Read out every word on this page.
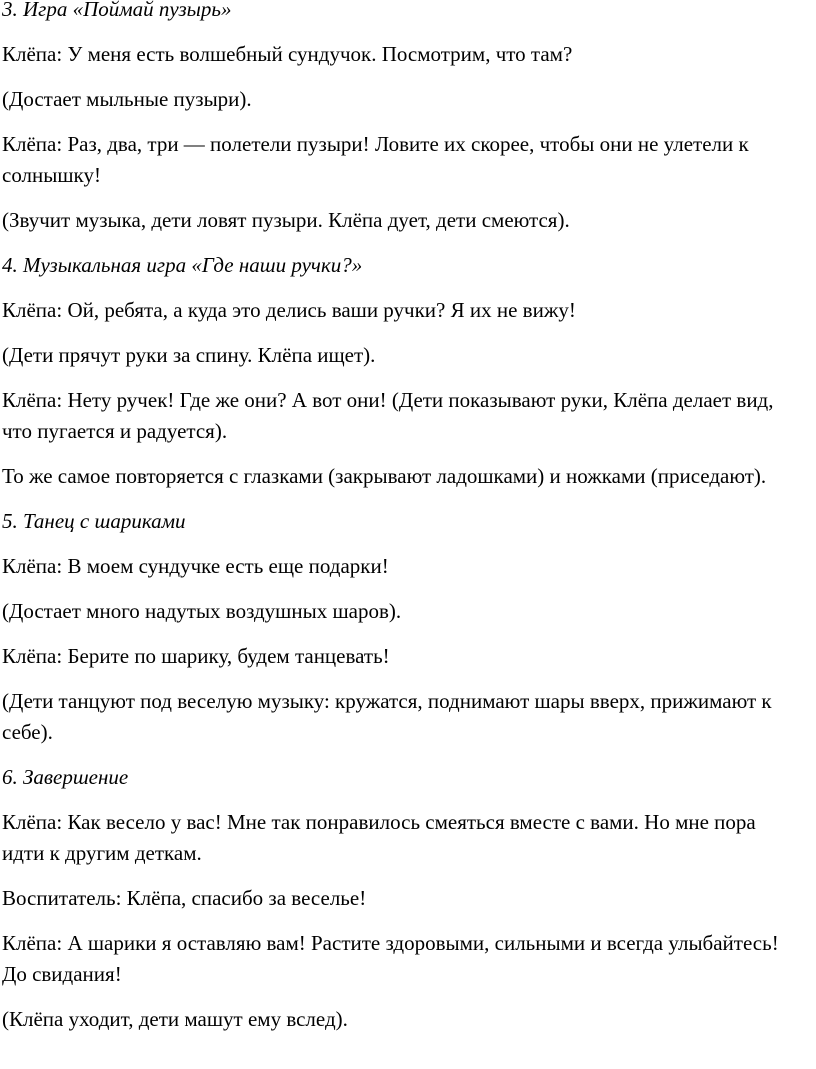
3. Игра «Поймай пузырь»

Клёпа: У меня есть волшебный сундучок. Посмотрим, что там?

(Достает мыльные пузыри).

Клёпа: Раз, два, три — полетели пузыри! Ловите их скорее, чтобы они не улетели к солнышку!

(Звучит музыка, дети ловят пузыри. Клёпа дует, дети смеются).

4. Музыкальная игра «Где наши ручки?»

Клёпа: Ой, ребята, а куда это делись ваши ручки? Я их не вижу!

(Дети прячут руки за спину. Клёпа ищет).

Клёпа: Нету ручек! Где же они? А вот они! (Дети показывают руки, Клёпа делает вид, что пугается и радуется).

То же самое повторяется с глазками (закрывают ладошками) и ножками (приседают).

5. Танец с шариками

Клёпа: В моем сундучке есть еще подарки!

(Достает много надутых воздушных шаров).

Клёпа: Берите по шарику, будем танцевать!

(Дети танцуют под веселую музыку: кружатся, поднимают шары вверх, прижимают к себе).

6. Завершение

Клёпа: Как весело у вас! Мне так понравилось смеяться вместе с вами. Но мне пора идти к другим деткам.

Воспитатель: Клёпа, спасибо за веселье!

Клёпа: А шарики я оставляю вам! Растите здоровыми, сильными и всегда улыбайтесь! До свидания!

(Клёпа уходит, дети машут ему вслед).
